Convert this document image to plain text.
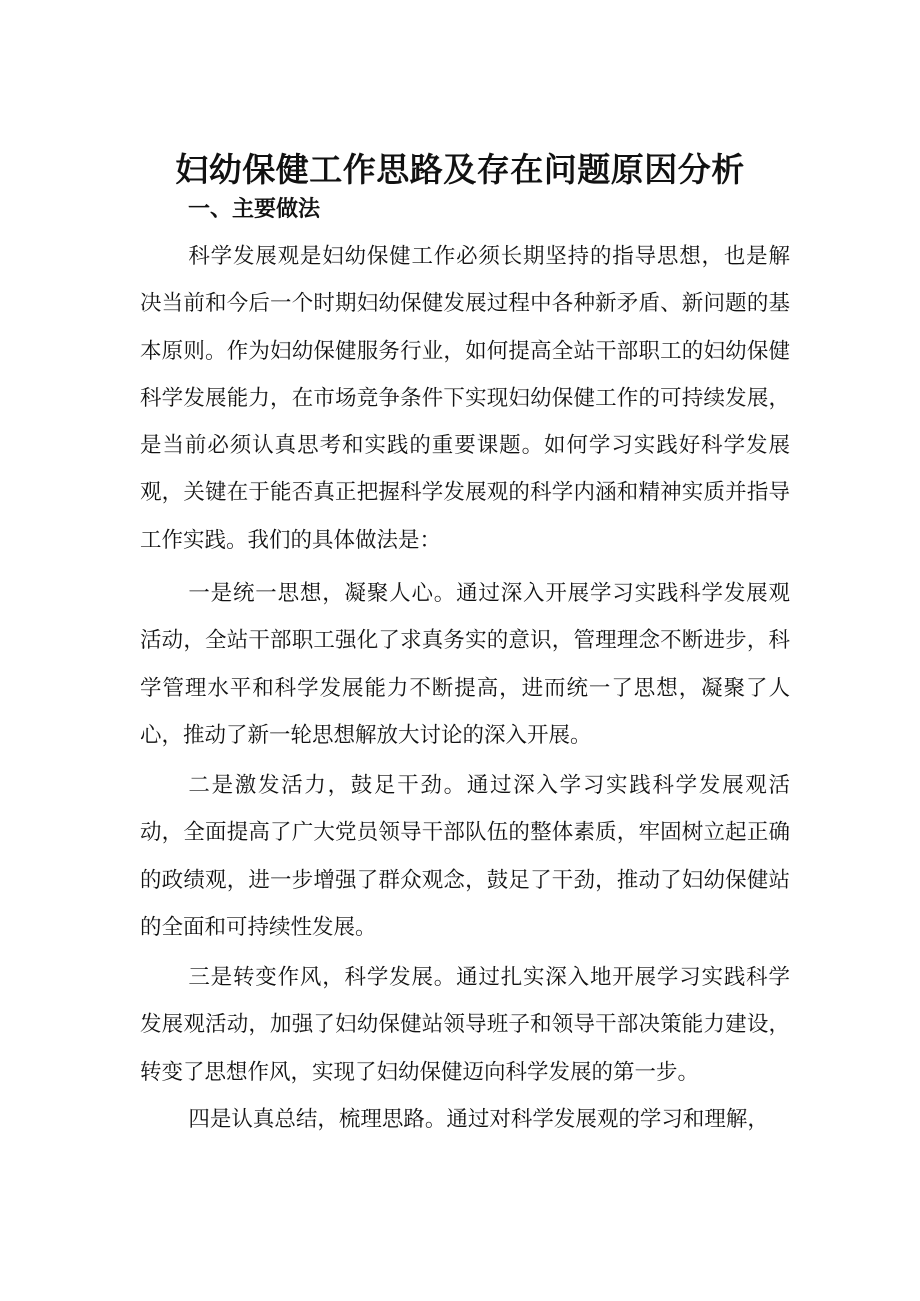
妇幼保健工作思路及存在问题原因分析
一、主要做法

科学发展观是妇幼保健工作必须长期坚持的指导思想，也是解决当前和今后一个时期妇幼保健发展过程中各种新矛盾、新问题的基本原则。作为妇幼保健服务行业，如何提高全站干部职工的妇幼保健科学发展能力，在市场竞争条件下实现妇幼保健工作的可持续发展，是当前必须认真思考和实践的重要课题。如何学习实践好科学发展观，关键在于能否真正把握科学发展观的科学内涵和精神实质并指导工作实践。我们的具体做法是：

一是统一思想，凝聚人心。通过深入开展学习实践科学发展观活动，全站干部职工强化了求真务实的意识，管理理念不断进步，科学管理水平和科学发展能力不断提高，进而统一了思想，凝聚了人心，推动了新一轮思想解放大讨论的深入开展。

二是激发活力，鼓足干劲。通过深入学习实践科学发展观活动，全面提高了广大党员领导干部队伍的整体素质，牢固树立起正确的政绩观，进一步增强了群众观念，鼓足了干劲，推动了妇幼保健站的全面和可持续性发展。

三是转变作风，科学发展。通过扎实深入地开展学习实践科学发展观活动，加强了妇幼保健站领导班子和领导干部决策能力建设，转变了思想作风，实现了妇幼保健迈向科学发展的第一步。

四是认真总结，梳理思路。通过对科学发展观的学习和理解，
